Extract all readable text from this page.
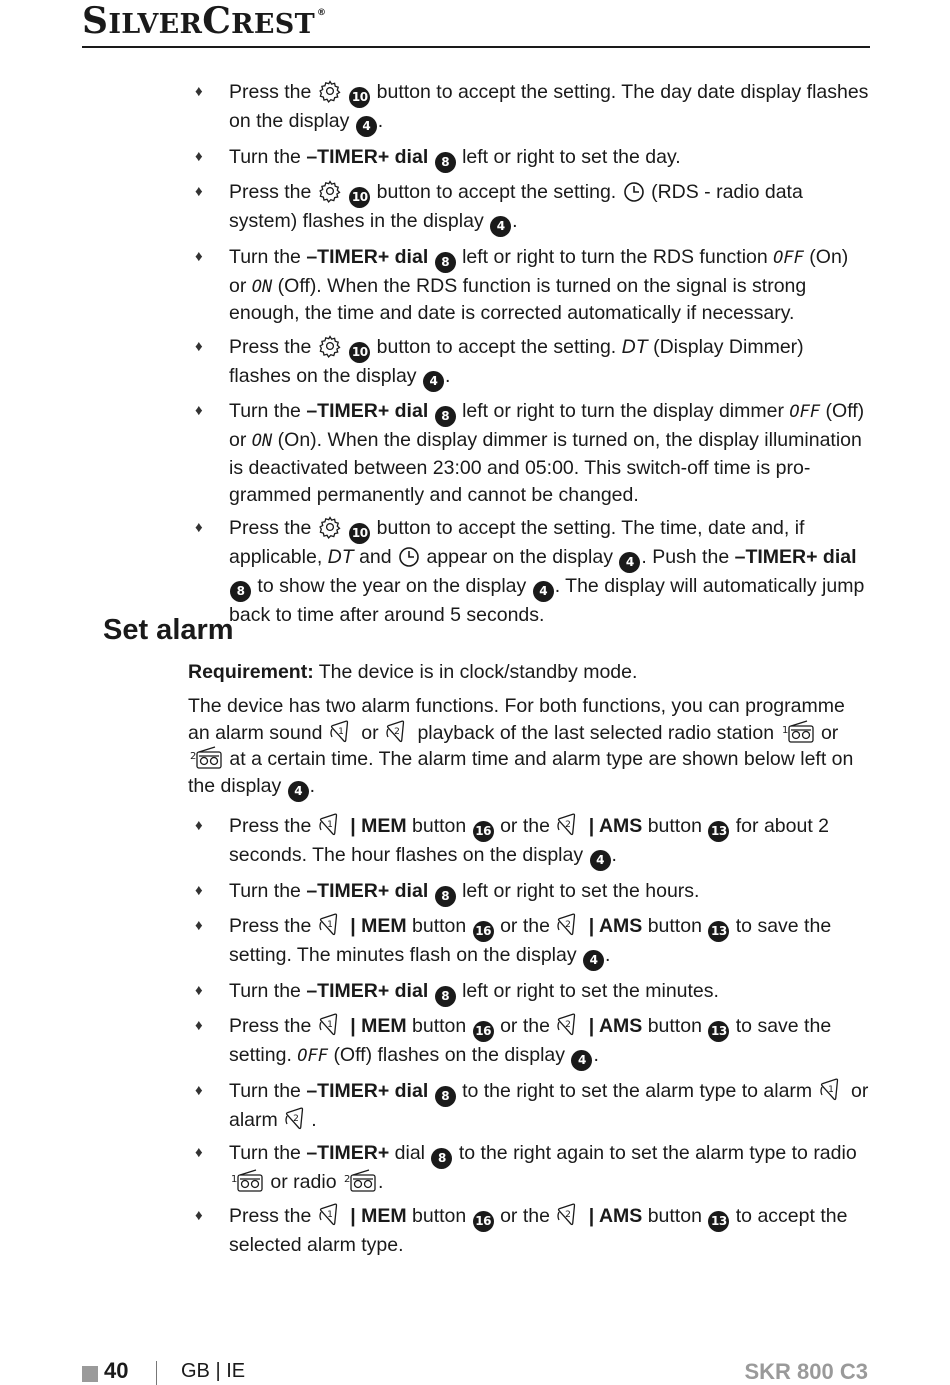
SILVERCREST ®
♦ Press the	10 button to accept the setting. The day date display flashes on the display 4 .
♦ Turn the –TIMER+ dial 8 left or right to set the day.
♦ Press the	10 button to accept the setting. (RDS - radio data system) flashes in the display 4 .
♦ Turn the –TIMER+ dial 8 left or right to turn the RDS function OFF (On) or ON (Off). When the RDS function is turned on the signal is strong enough, the time and date is corrected automatically if necessary.
♦ Press the	10 button to accept the setting. DT (Display Dimmer) flashes on the display 4 .
♦ Turn the –TIMER+ dial 8 left or right to turn the display dimmer OFF (Off) or ON (On). When the display dimmer is turned on, the display illumination is deactivated between 23:00 and 05:00. This switch-off time is pro-grammed permanently and cannot be changed.
♦ Press the	10 button to accept the setting. The time, date and, if applicable, DT and appear on the display 4 . Push the –TIMER+ dial 8 to show the year on the display 4 . The display will automatically jump back to time after around 5 seconds.
Set alarm

Requirement: The device is in clock/standby mode.

The device has two alarm functions. For both functions, you can programme an alarm sound 1 or 2 playback of the last selected radio station 1 or
2 at a certain time. The alarm time and alarm type are shown below left on the display 4 .

♦ Press the 1 | MEM button 16 or the 2 | AMS button 13 for about 2 seconds. The hour flashes on the display 4 .
♦ Turn the –TIMER+ dial 8 left or right to set the hours.
♦ Press the 1 | MEM button 16 or the 2 | AMS button 13 to save the setting. The minutes flash on the display 4 .
♦ Turn the –TIMER+ dial 8 left or right to set the minutes.
♦ Press the 1 | MEM button 16 or the 2 | AMS button 13 to save the setting. OFF (Off) flashes on the display 4 .
♦ Turn the –TIMER+ dial 8 to the right to set the alarm type to alarm 1 or alarm 2 .
♦ Turn the –TIMER+ dial 8 to the right again to set the alarm type to radio
1 or radio 2 .
♦ Press the 1 | MEM button 16 or the 2 | AMS button 13 to accept the selected alarm type.
40	GB | IE	SKR 800 C3
